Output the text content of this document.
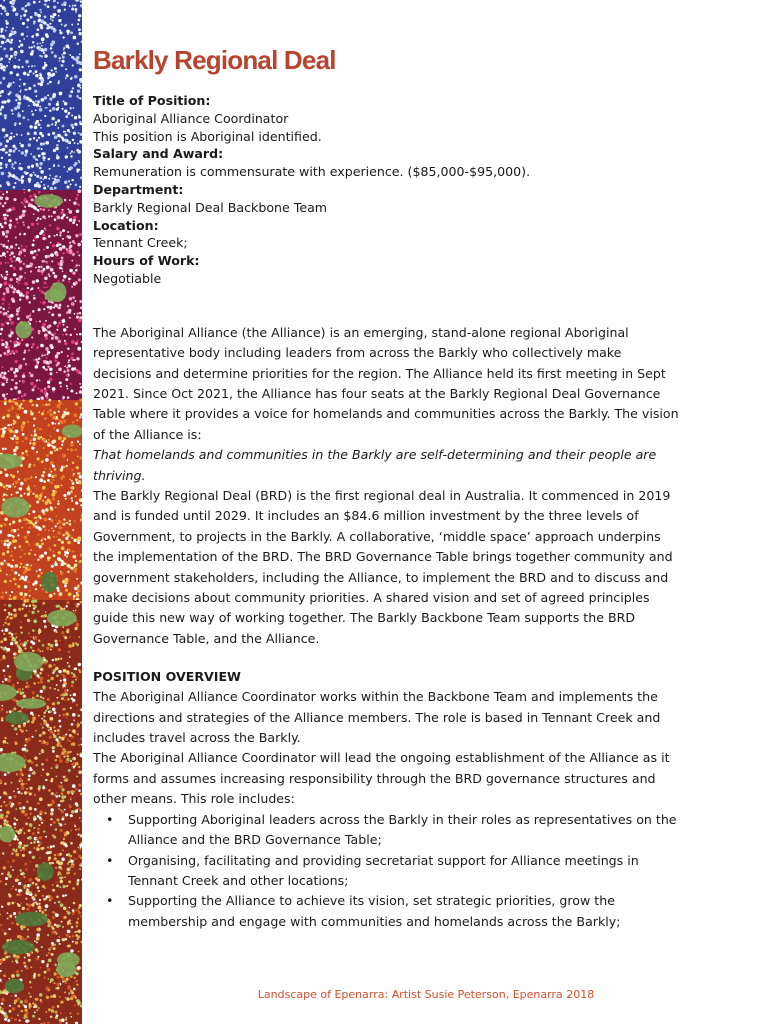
Barkly Regional Deal
Title of Position:
Aboriginal Alliance Coordinator
This position is Aboriginal identified.
Salary and Award:
Remuneration is commensurate with experience. ($85,000-$95,000).
Department:
Barkly Regional Deal Backbone Team
Location:
Tennant Creek;
Hours of Work:
Negotiable

The Aboriginal Alliance (the Alliance) is an emerging, stand-alone regional Aboriginal representative body including leaders from across the Barkly who collectively make decisions and determine priorities for the region. The Alliance held its first meeting in Sept 2021. Since Oct 2021, the Alliance has four seats at the Barkly Regional Deal Governance Table where it provides a voice for homelands and communities across the Barkly. The vision of the Alliance is:

That homelands and communities in the Barkly are self-determining and their people are thriving.

The Barkly Regional Deal (BRD) is the first regional deal in Australia. It commenced in 2019 and is funded until 2029. It includes an $84.6 million investment by the three levels of Government, to projects in the Barkly. A collaborative, ‘middle space’ approach underpins the implementation of the BRD. The BRD Governance Table brings together community and government stakeholders, including the Alliance, to implement the BRD and to discuss and make decisions about community priorities. A shared vision and set of agreed principles guide this new way of working together. The Barkly Backbone Team supports the BRD Governance Table, and the Alliance.

POSITION OVERVIEW

The Aboriginal Alliance Coordinator works within the Backbone Team and implements the directions and strategies of the Alliance members. The role is based in Tennant Creek and includes travel across the Barkly.

The Aboriginal Alliance Coordinator will lead the ongoing establishment of the Alliance as it forms and assumes increasing responsibility through the BRD governance structures and other means. This role includes:

• Supporting Aboriginal leaders across the Barkly in their roles as representatives on the Alliance and the BRD Governance Table;
• Organising, facilitating and providing secretariat support for Alliance meetings in Tennant Creek and other locations;
• Supporting the Alliance to achieve its vision, set strategic priorities, grow the membership and engage with communities and homelands across the Barkly;
Landscape of Epenarra: Artist Susie Peterson, Epenarra 2018
